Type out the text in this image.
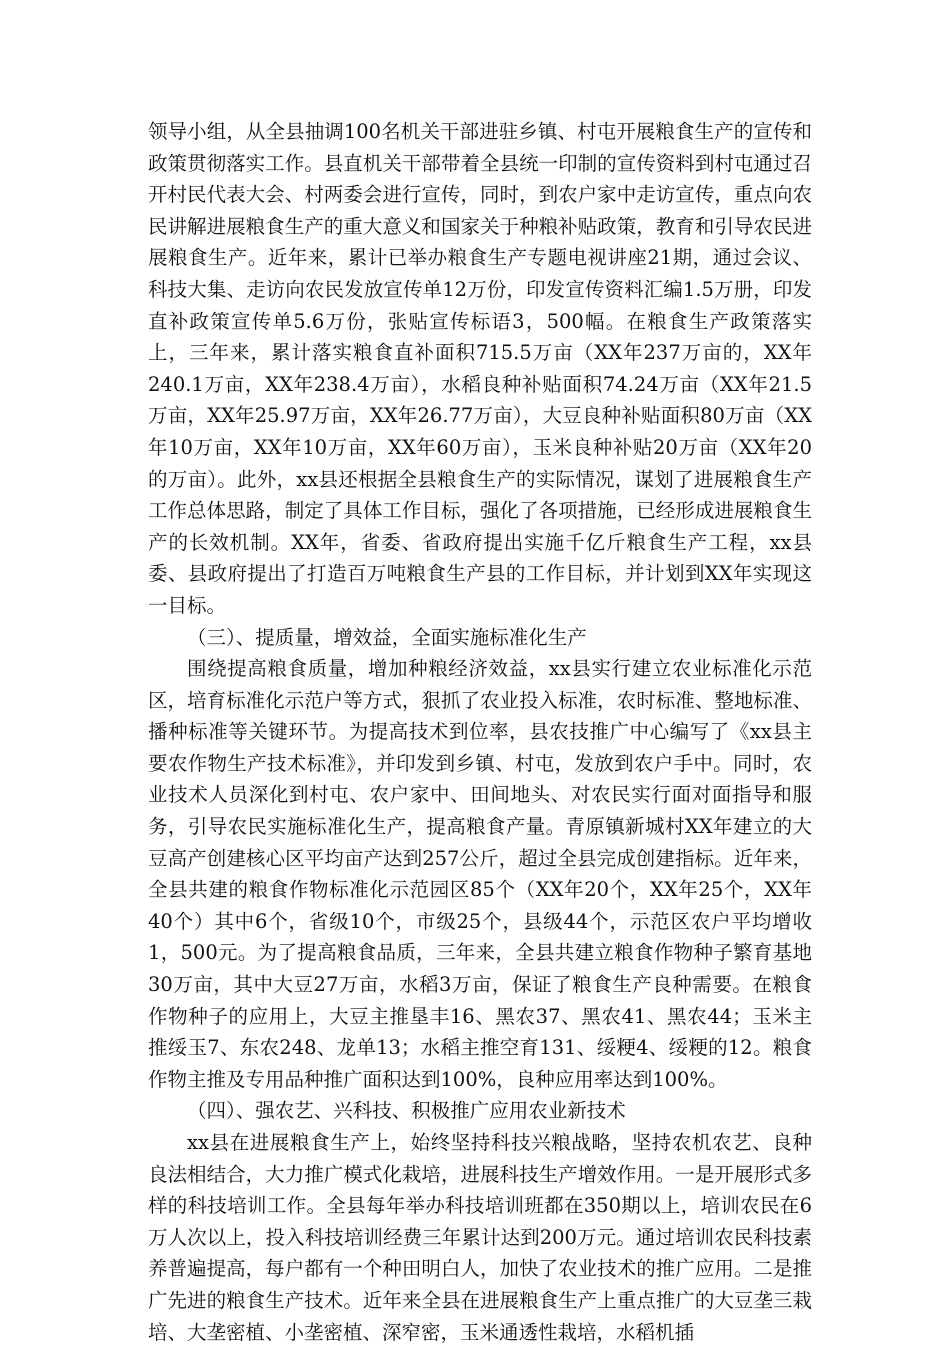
领导小组，从全县抽调100名机关干部进驻乡镇、村屯开展粮食生产的宣传和政策贯彻落实工作。县直机关干部带着全县统一印制的宣传资料到村屯通过召开村民代表大会、村两委会进行宣传，同时，到农户家中走访宣传，重点向农民讲解进展粮食生产的重大意义和国家关于种粮补贴政策，教育和引导农民进展粮食生产。近年来，累计已举办粮食生产专题电视讲座21期，通过会议、科技大集、走访向农民发放宣传单12万份，印发宣传资料汇编1.5万册，印发直补政策宣传单5.6万份，张贴宣传标语3，500幅。在粮食生产政策落实上，三年来，累计落实粮食直补面积715.5万亩（XX年237万亩的，XX年240.1万亩，XX年238.4万亩），水稻良种补贴面积74.24万亩（XX年21.5万亩，XX年25.97万亩，XX年26.77万亩），大豆良种补贴面积80万亩（XX年10万亩，XX年10万亩，XX年60万亩），玉米良种补贴20万亩（XX年20的万亩）。此外，xx县还根据全县粮食生产的实际情况，谋划了进展粮食生产工作总体思路，制定了具体工作目标，强化了各项措施，已经形成进展粮食生产的长效机制。XX年，省委、省政府提出实施千亿斤粮食生产工程，xx县委、县政府提出了打造百万吨粮食生产县的工作目标，并计划到XX年实现这一目标。

（三）、提质量，增效益，全面实施标准化生产

围绕提高粮食质量，增加种粮经济效益，xx县实行建立农业标准化示范区，培育标准化示范户等方式，狠抓了农业投入标准，农时标准、整地标准、播种标准等关键环节。为提高技术到位率，县农技推广中心编写了《xx县主要农作物生产技术标准》，并印发到乡镇、村屯，发放到农户手中。同时，农业技术人员深化到村屯、农户家中、田间地头、对农民实行面对面指导和服务，引导农民实施标准化生产，提高粮食产量。青原镇新城村XX年建立的大豆高产创建核心区平均亩产达到257公斤，超过全县完成创建指标。近年来，全县共建的粮食作物标准化示范园区85个（XX年20个，XX年25个，XX年40个）其中6个，省级10个，市级25个，县级44个，示范区农户平均增收1，500元。为了提高粮食品质，三年来，全县共建立粮食作物种子繁育基地30万亩，其中大豆27万亩，水稻3万亩，保证了粮食生产良种需要。在粮食作物种子的应用上，大豆主推垦丰16、黑农37、黑农41、黑农44；玉米主推绥玉7、东农248、龙单13；水稻主推空育131、绥粳4、绥粳的12。粮食作物主推及专用品种推广面积达到100%，良种应用率达到100%。

（四）、强农艺、兴科技、积极推广应用农业新技术

xx县在进展粮食生产上，始终坚持科技兴粮战略，坚持农机农艺、良种良法相结合，大力推广模式化栽培，进展科技生产增效作用。一是开展形式多样的科技培训工作。全县每年举办科技培训班都在350期以上，培训农民在6万人次以上，投入科技培训经费三年累计达到200万元。通过培训农民科技素养普遍提高，每户都有一个种田明白人，加快了农业技术的推广应用。二是推广先进的粮食生产技术。近年来全县在进展粮食生产上重点推广的大豆垄三栽培、大垄密植、小垄密植、深窄密，玉米通透性栽培，水稻机插
